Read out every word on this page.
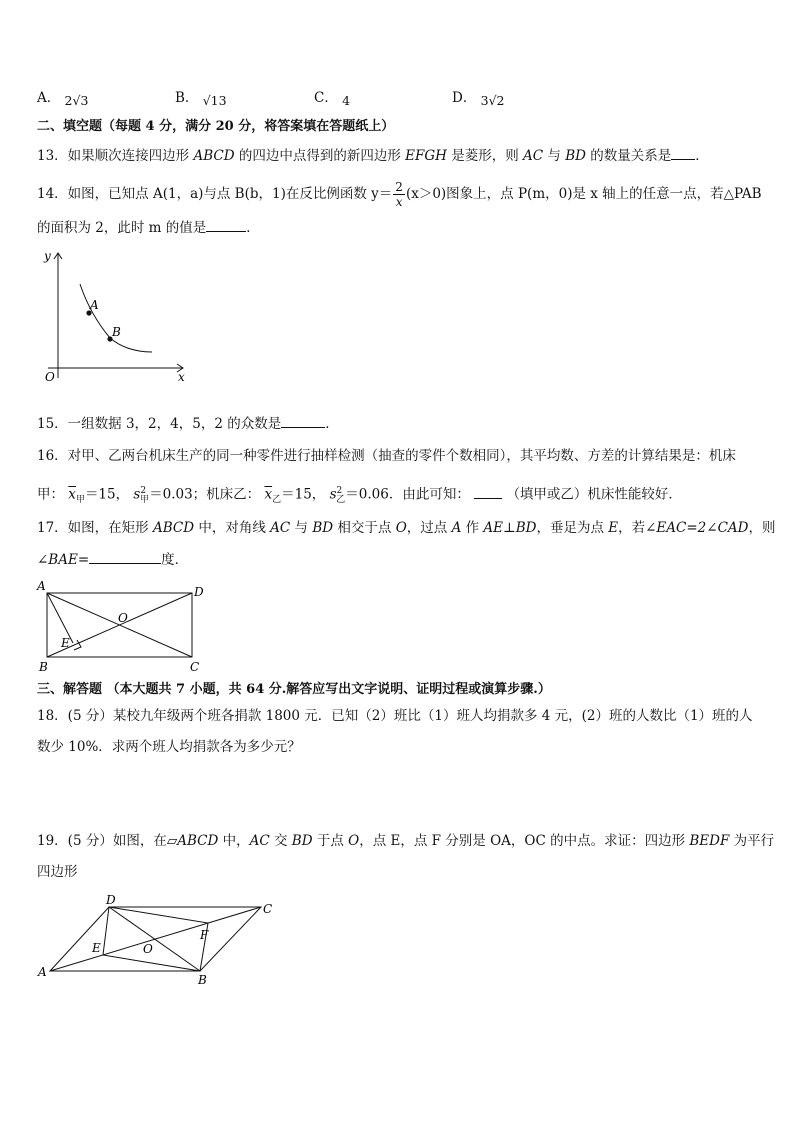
A． 2√3	B． √13	C． 4	D． 3√2
二、填空题（每题 4 分，满分 20 分，将答案填在答题纸上）
13．如果顺次连接四边形 ABCD 的四边中点得到的新四边形 EFGH 是菱形，则 AC 与 BD 的数量关系是 ．
14．如图，已知点 A(1，a)与点 B(b，1)在反比例函数 $y= \frac{2}{x} (x>0)$图象上，点 P(m，0)是 x 轴上的任意一点，若△PAB
的面积为 2，此时 m 的值是	．
y
x
O
A
B
15．一组数据 3，2，4，5，2 的众数是	．
16．对甲、乙两台机床生产的同一种零件进行抽样检测（抽查的零件个数相同），其平均数、方差的计算结果是：机床
甲： $\overline{x}_甲=15$， $s^2_甲=0.03$；机床乙： $\overline{x}_乙=15$， $s^2_乙=0.06$．由此可知：	（填甲或乙）机床性能较好．
17．如图，在矩形 ABCD 中，对角线 AC 与 BD 相交于点 O，过点 A 作 AE⊥BD，垂足为点 E，若∠EAC=2∠CAD，则
∠BAE=	度．
A	D
B	C
E
O
三、解答题 （本大题共 7 小题，共 64 分.解答应写出文字说明、证明过程或演算步骤.）
18．(5 分）某校九年级两个班各捐款 1800 元．已知（2）班比（1）班人均捐款多 4 元，(2）班的人数比（1）班的人
数少 10%．求两个班人均捐款各为多少元？
19．(5 分）如图，在▱ABCD 中，AC 交 BD 于点 O，点 E，点 F 分别是 OA，OC 的中点。求证：四边形 BEDF 为平行
四边形
A
B
C
D
E
F
O
